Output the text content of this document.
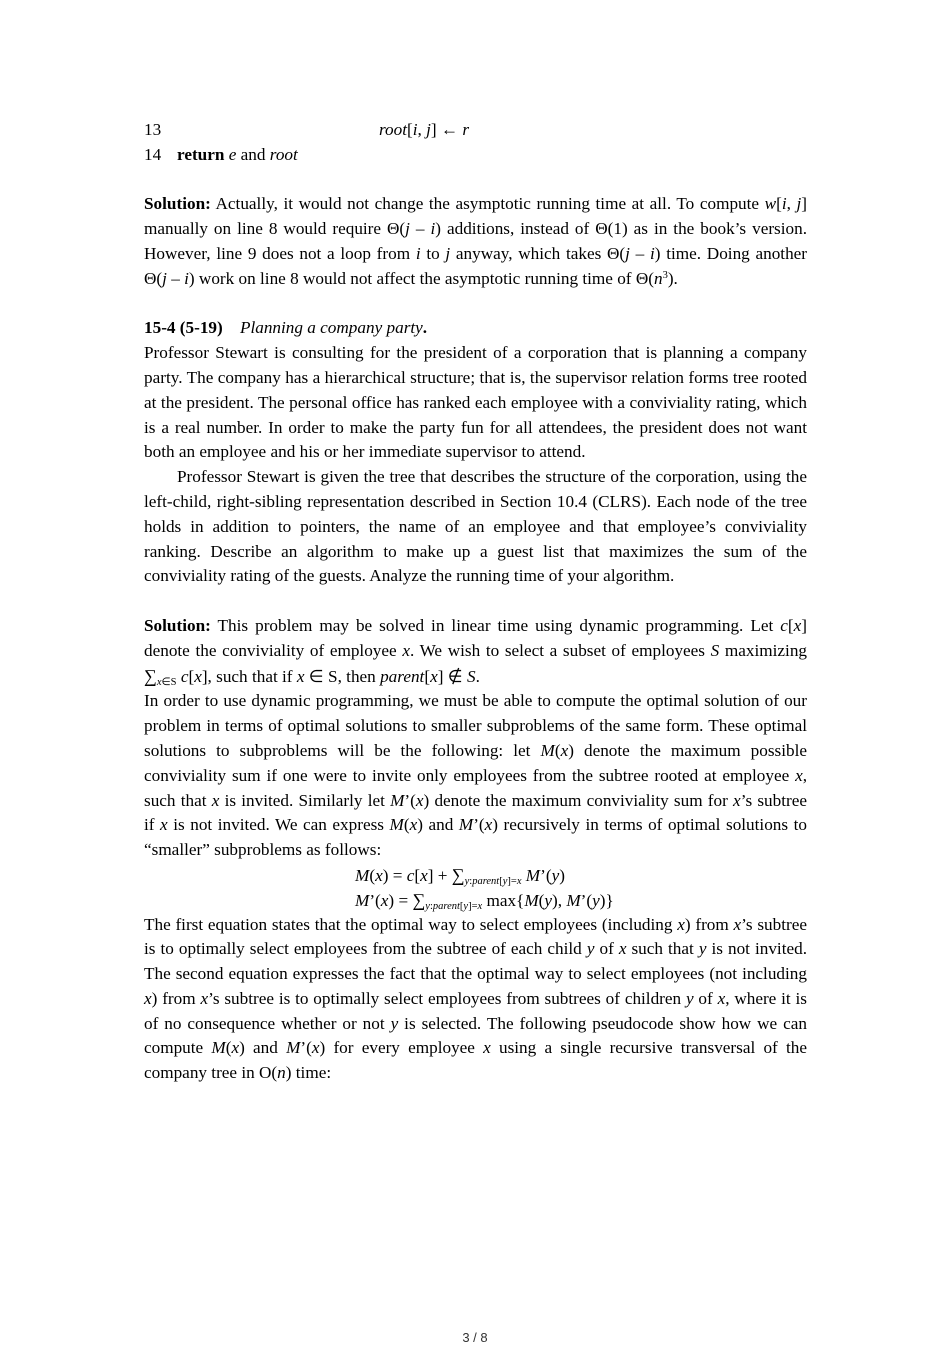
13	root[i, j] ← r
14 return e and root

Solution: Actually, it would not change the asymptotic running time at all. To compute w[i, j] manually on line 8 would require Θ(j – i) additions, instead of Θ(1) as in the book’s version. However, line 9 does not a loop from i to j anyway, which takes Θ(j – i) time. Doing another Θ(j – i) work on line 8 would not affect the asymptotic running time of $\Theta(n^3)$.

15-4 (5-19) Planning a company party.

Professor Stewart is consulting for the president of a corporation that is planning a company party. The company has a hierarchical structure; that is, the supervisor relation forms tree rooted at the president. The personal office has ranked each employee with a conviviality rating, which is a real number. In order to make the party fun for all attendees, the president does not want both an employee and his or her immediate supervisor to attend.

Professor Stewart is given the tree that describes the structure of the corporation, using the left-child, right-sibling representation described in Section 10.4 (CLRS). Each node of the tree holds in addition to pointers, the name of an employee and that employee’s conviviality ranking. Describe an algorithm to make up a guest list that maximizes the sum of the conviviality rating of the guests. Analyze the running time of your algorithm.

Solution: This problem may be solved in linear time using dynamic programming. Let c[x] denote the conviviality of employee x. We wish to select a subset of employees S maximizing $\sum_{x\in S}$ c[x], such that if x ∈ S, then parent[x] ∉ S.

In order to use dynamic programming, we must be able to compute the optimal solution of our problem in terms of optimal solutions to smaller subproblems of the same form. These optimal solutions to subproblems will be the following: let M(x) denote the maximum possible conviviality sum if one were to invite only employees from the subtree rooted at employee x, such that x is invited. Similarly let M’(x) denote the maximum conviviality sum for x’s subtree if x is not invited. We can express M(x) and M’(x) recursively in terms of optimal solutions to “smaller” subproblems as follows:

$M(x) = c[x] + \sum_{y:parent[y]=x}$ M’(y)
M’(x) = $\sum_{y:parent[y]=x}$ max{M(y), M’(y)}

The first equation states that the optimal way to select employees (including x) from x’s subtree is to optimally select employees from the subtree of each child y of x such that y is not invited. The second equation expresses the fact that the optimal way to select employees (not including x) from x’s subtree is to optimally select employees from subtrees of children y of x, where it is of no consequence whether or not y is selected. The following pseudocode show how we can compute M(x) and M’(x) for every employee x using a single recursive transversal of the company tree in O(n) time:

3 / 8
